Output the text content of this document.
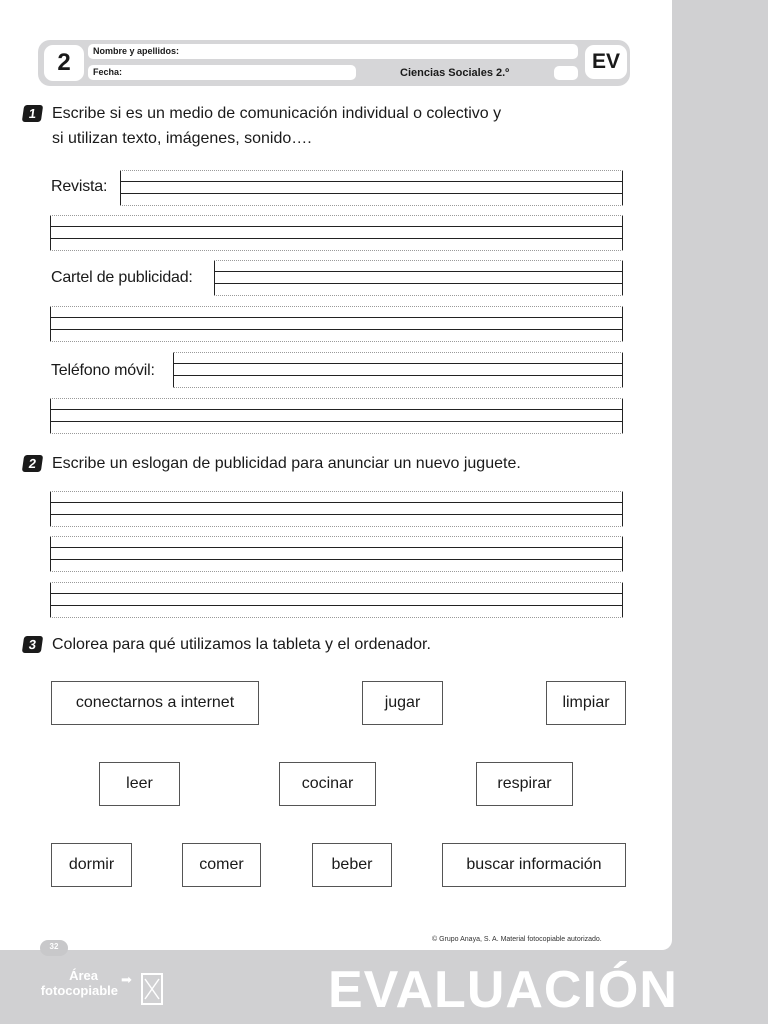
2	Nombre y apellidos:
Fecha:	Ciencias Sociales 2.º	EV
1 Escribe si es un medio de comunicación individual o colectivo y
si utilizan texto, imágenes, sonido….
Revista:
Cartel de publicidad:
Teléfono móvil:
2 Escribe un eslogan de publicidad para anunciar un nuevo juguete.
3 Colorea para qué utilizamos la tableta y el ordenador.
conectarnos a internet	jugar	limpiar
leer	cocinar	respirar
dormir	comer	beber	buscar información
© Grupo Anaya, S. A. Material fotocopiable autorizado.
32
Área
fotocopiable
➡	EVALUACIÓN
